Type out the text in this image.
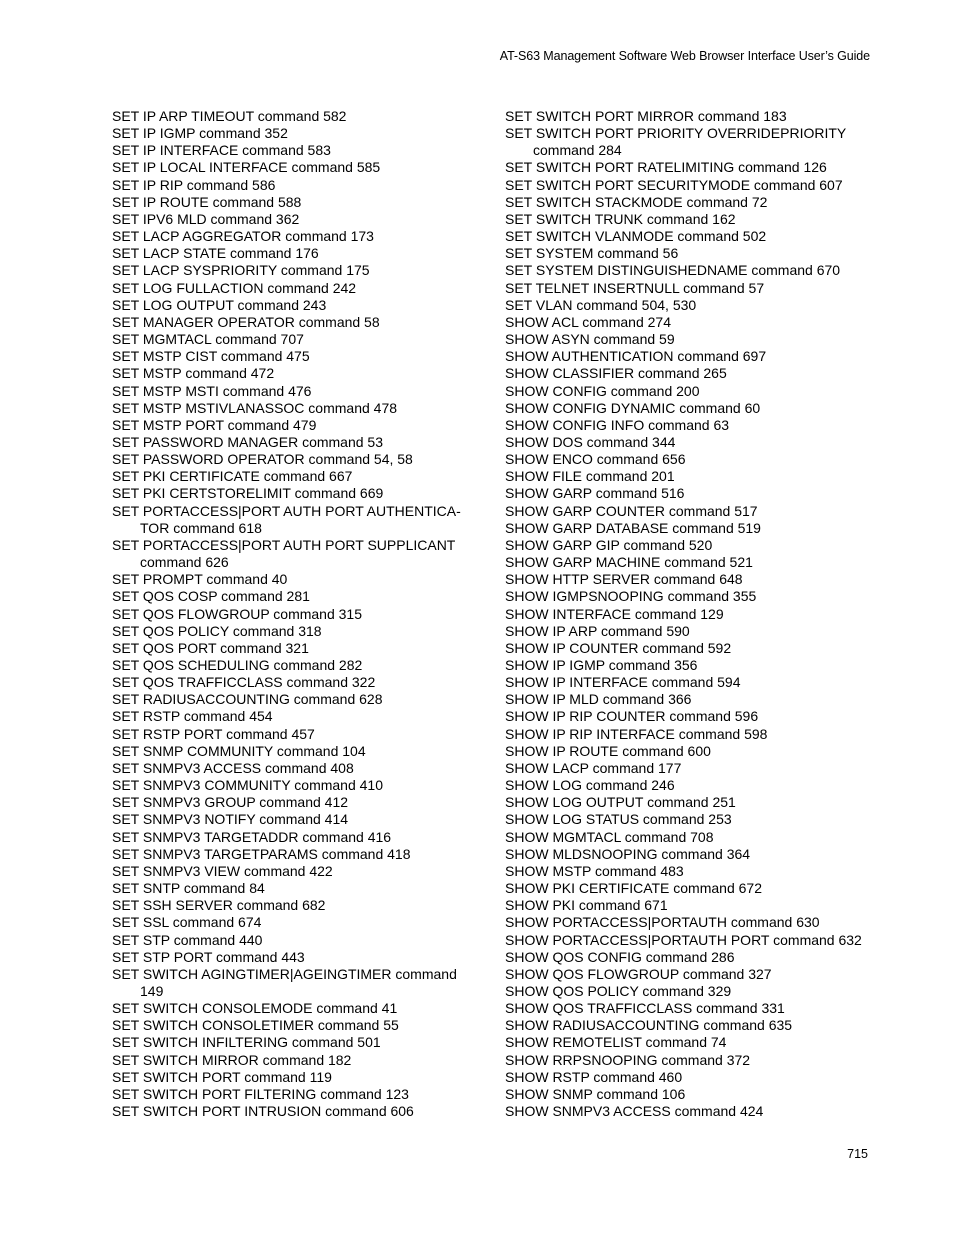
AT-S63 Management Software Web Browser Interface User’s Guide
SET IP ARP TIMEOUT command 582
SET IP IGMP command 352
SET IP INTERFACE command 583
SET IP LOCAL INTERFACE command 585
SET IP RIP command 586
SET IP ROUTE command 588
SET IPV6 MLD command 362
SET LACP AGGREGATOR command 173
SET LACP STATE command 176
SET LACP SYSPRIORITY command 175
SET LOG FULLACTION command 242
SET LOG OUTPUT command 243
SET MANAGER OPERATOR command 58
SET MGMTACL command 707
SET MSTP CIST command 475
SET MSTP command 472
SET MSTP MSTI command 476
SET MSTP MSTIVLANASSOC command 478
SET MSTP PORT command 479
SET PASSWORD MANAGER command 53
SET PASSWORD OPERATOR command 54, 58
SET PKI CERTIFICATE command 667
SET PKI CERTSTORELIMIT command 669
SET PORTACCESS|PORT AUTH PORT AUTHENTICA-TOR command 618
SET PORTACCESS|PORT AUTH PORT SUPPLICANT command 626
SET PROMPT command 40
SET QOS COSP command 281
SET QOS FLOWGROUP command 315
SET QOS POLICY command 318
SET QOS PORT command 321
SET QOS SCHEDULING command 282
SET QOS TRAFFICCLASS command 322
SET RADIUSACCOUNTING command 628
SET RSTP command 454
SET RSTP PORT command 457
SET SNMP COMMUNITY command 104
SET SNMPV3 ACCESS command 408
SET SNMPV3 COMMUNITY command 410
SET SNMPV3 GROUP command 412
SET SNMPV3 NOTIFY command 414
SET SNMPV3 TARGETADDR command 416
SET SNMPV3 TARGETPARAMS command 418
SET SNMPV3 VIEW command 422
SET SNTP command 84
SET SSH SERVER command 682
SET SSL command 674
SET STP command 440
SET STP PORT command 443
SET SWITCH AGINGTIMER|AGEINGTIMER command 149
SET SWITCH CONSOLEMODE command 41
SET SWITCH CONSOLETIMER command 55
SET SWITCH INFILTERING command 501
SET SWITCH MIRROR command 182
SET SWITCH PORT command 119
SET SWITCH PORT FILTERING command 123
SET SWITCH PORT INTRUSION command 606
SET SWITCH PORT MIRROR command 183
SET SWITCH PORT PRIORITY OVERRIDEPRIORITY command 284
SET SWITCH PORT RATELIMITING command 126
SET SWITCH PORT SECURITYMODE command 607
SET SWITCH STACKMODE command 72
SET SWITCH TRUNK command 162
SET SWITCH VLANMODE command 502
SET SYSTEM command 56
SET SYSTEM DISTINGUISHEDNAME command 670
SET TELNET INSERTNULL command 57
SET VLAN command 504, 530
SHOW ACL command 274
SHOW ASYN command 59
SHOW AUTHENTICATION command 697
SHOW CLASSIFIER command 265
SHOW CONFIG command 200
SHOW CONFIG DYNAMIC command 60
SHOW CONFIG INFO command 63
SHOW DOS command 344
SHOW ENCO command 656
SHOW FILE command 201
SHOW GARP command 516
SHOW GARP COUNTER command 517
SHOW GARP DATABASE command 519
SHOW GARP GIP command 520
SHOW GARP MACHINE command 521
SHOW HTTP SERVER command 648
SHOW IGMPSNOOPING command 355
SHOW INTERFACE command 129
SHOW IP ARP command 590
SHOW IP COUNTER command 592
SHOW IP IGMP command 356
SHOW IP INTERFACE command 594
SHOW IP MLD command 366
SHOW IP RIP COUNTER command 596
SHOW IP RIP INTERFACE command 598
SHOW IP ROUTE command 600
SHOW LACP command 177
SHOW LOG command 246
SHOW LOG OUTPUT command 251
SHOW LOG STATUS command 253
SHOW MGMTACL command 708
SHOW MLDSNOOPING command 364
SHOW MSTP command 483
SHOW PKI CERTIFICATE command 672
SHOW PKI command 671
SHOW PORTACCESS|PORTAUTH command 630
SHOW PORTACCESS|PORTAUTH PORT command 632
SHOW QOS CONFIG command 286
SHOW QOS FLOWGROUP command 327
SHOW QOS POLICY command 329
SHOW QOS TRAFFICCLASS command 331
SHOW RADIUSACCOUNTING command 635
SHOW REMOTELIST command 74
SHOW RRPSNOOPING command 372
SHOW RSTP command 460
SHOW SNMP command 106
SHOW SNMPV3 ACCESS command 424
715
